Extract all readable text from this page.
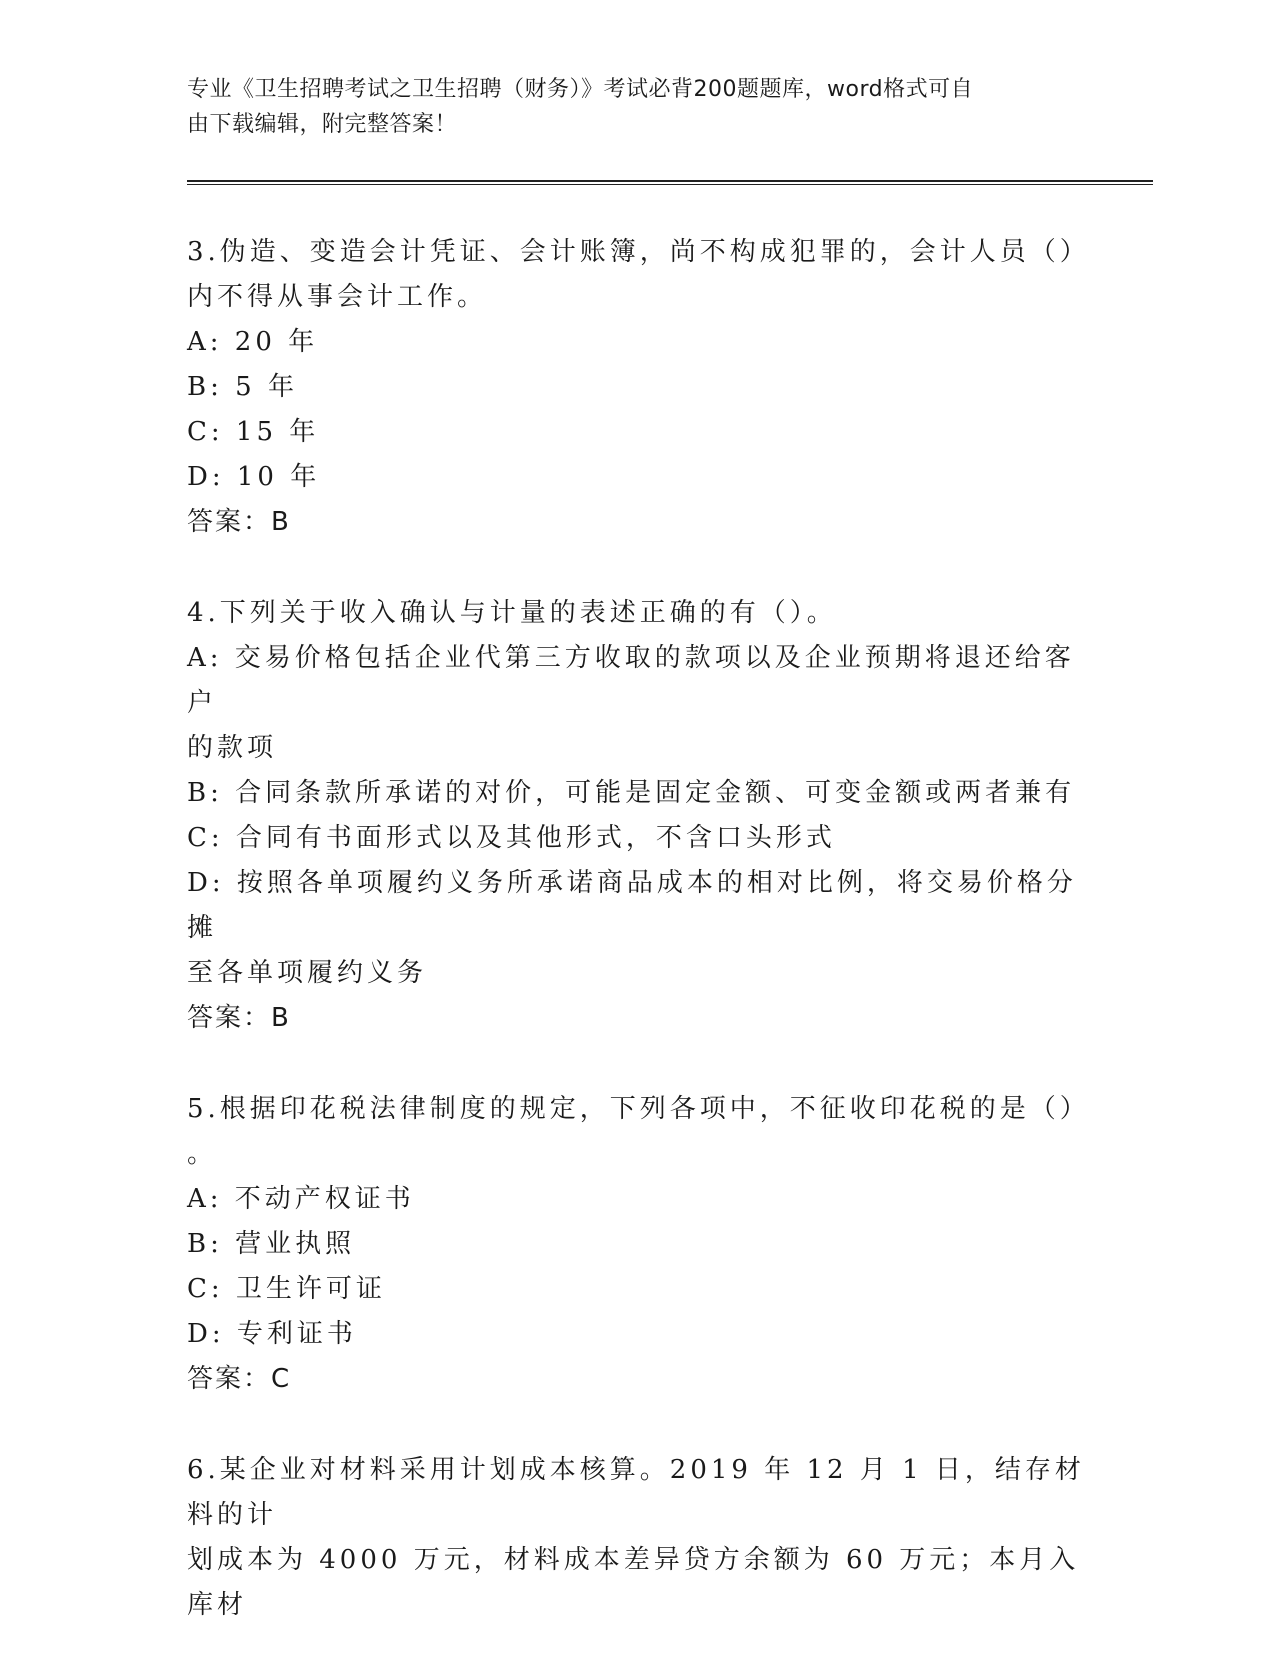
专业《卫生招聘考试之卫生招聘（财务）》考试必背200题题库，word格式可自
由下载编辑，附完整答案！
3.伪造、变造会计凭证、会计账簿，尚不构成犯罪的，会计人员（）
内不得从事会计工作。
A: 20 年
B: 5 年
C: 15 年
D: 10 年
答案：B
4.下列关于收入确认与计量的表述正确的有（）。
A: 交易价格包括企业代第三方收取的款项以及企业预期将退还给客户
的款项
B: 合同条款所承诺的对价，可能是固定金额、可变金额或两者兼有
C: 合同有书面形式以及其他形式，不含口头形式
D: 按照各单项履约义务所承诺商品成本的相对比例，将交易价格分摊
至各单项履约义务
答案：B
5.根据印花税法律制度的规定，下列各项中，不征收印花税的是（）
。
A: 不动产权证书
B: 营业执照
C: 卫生许可证
D: 专利证书
答案：C
6.某企业对材料采用计划成本核算。2019 年 12 月 1 日，结存材料的计
划成本为 4000 万元，材料成本差异贷方余额为 60 万元；本月入库材
